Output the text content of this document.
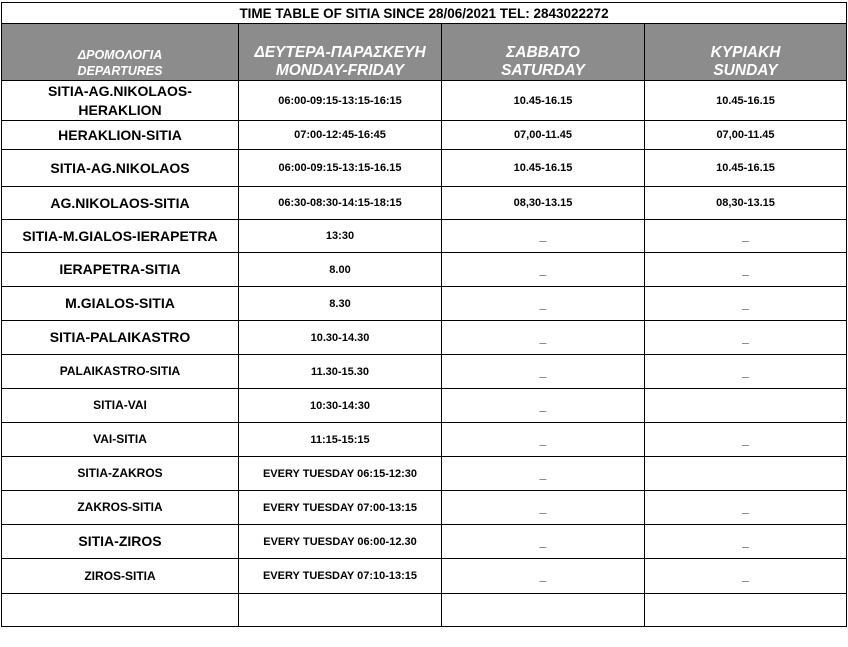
TIME TABLE OF SITIA SINCE 28/06/2021 TEL: 2843022272			
ΔΡΟΜΟΛΟΓΙΑ	ΔΕΥΤΕΡΑ-ΠΑΡΑΣΚΕΥΗ	ΣΑΒΒΑΤΟ	ΚΥΡΙΑΚΗ
DEPARTURES	MONDAY-FRIDAY	SATURDAY	SUNDAY
SITIA-AG.NIKOLAOS-HERAKLION	06:00-09:15-13:15-16:15	10.45-16.15	10.45-16.15
HERAKLION-SITIA	07:00-12:45-16:45	07,00-11.45	07,00-11.45
SITIA-AG.NIKOLAOS	06:00-09:15-13:15-16.15	10.45-16.15	10.45-16.15
AG.NIKOLAOS-SITIA	06:30-08:30-14:15-18:15	08,30-13.15	08,30-13.15
SITIA-M.GIALOS-IERAPETRA	13:30	_	_
IERAPETRA-SITIA	8.00	_	_
M.GIALOS-SITIA	8.30	_	_
SITIA-PALAIKASTRO	10.30-14.30	_	_
PALAIKASTRO-SITIA	11.30-15.30	_	_
SITIA-VAI	10:30-14:30	_	
VAI-SITIA	11:15-15:15	_	_
SITIA-ZAKROS	EVERY TUESDAY 06:15-12:30	_	
ZAKROS-SITIA	EVERY TUESDAY 07:00-13:15	_	_
SITIA-ZIROS	EVERY TUESDAY 06:00-12.30	_	_
ZIROS-SITIA	EVERY TUESDAY 07:10-13:15	_	_
